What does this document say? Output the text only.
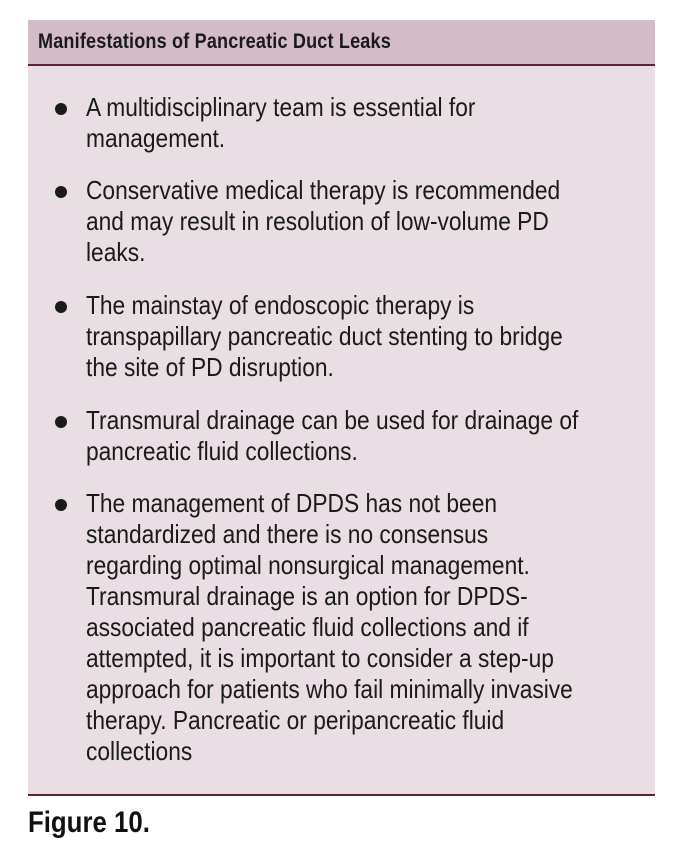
Manifestations of Pancreatic Duct Leaks
A multidisciplinary team is essential for
management.
Conservative medical therapy is recommended
and may result in resolution of low-volume PD
leaks.
The mainstay of endoscopic therapy is
transpapillary pancreatic duct stenting to bridge
the site of PD disruption.
Transmural drainage can be used for drainage of
pancreatic fluid collections.
The management of DPDS has not been
standardized and there is no consensus
regarding optimal nonsurgical management.
Transmural drainage is an option for DPDS-
associated pancreatic fluid collections and if
attempted, it is important to consider a step-up
approach for patients who fail minimally invasive
therapy. Pancreatic or peripancreatic fluid
collections
Figure 10.
